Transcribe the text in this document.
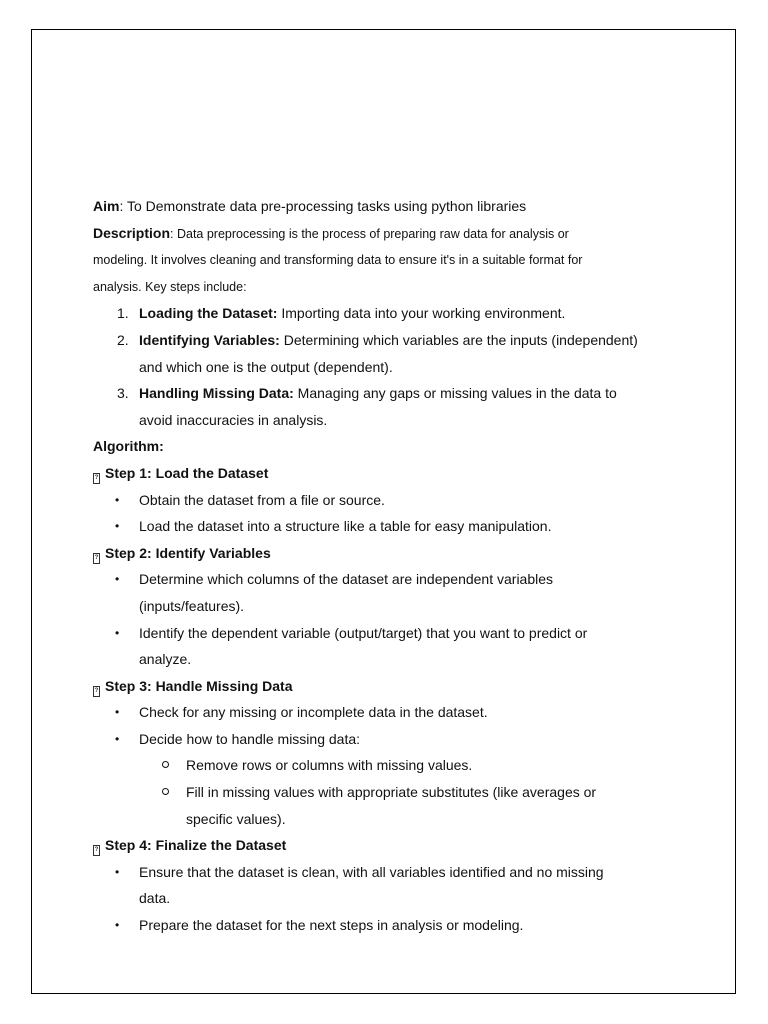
Aim: To Demonstrate data pre-processing tasks using python libraries
Description: Data preprocessing is the process of preparing raw data for analysis or
modeling. It involves cleaning and transforming data to ensure it's in a suitable format for
analysis. Key steps include:
1. Loading the Dataset: Importing data into your working environment.
2. Identifying Variables: Determining which variables are the inputs (independent)
and which one is the output (dependent).
3. Handling Missing Data: Managing any gaps or missing values in the data to
avoid inaccuracies in analysis.
Algorithm:
? Step 1: Load the Dataset
• Obtain the dataset from a file or source.
• Load the dataset into a structure like a table for easy manipulation.
? Step 2: Identify Variables
• Determine which columns of the dataset are independent variables
(inputs/features).
• Identify the dependent variable (output/target) that you want to predict or
analyze.
? Step 3: Handle Missing Data
• Check for any missing or incomplete data in the dataset.
• Decide how to handle missing data:
Remove rows or columns with missing values.
Fill in missing values with appropriate substitutes (like averages or
specific values).
? Step 4: Finalize the Dataset
• Ensure that the dataset is clean, with all variables identified and no missing
data.
• Prepare the dataset for the next steps in analysis or modeling.
